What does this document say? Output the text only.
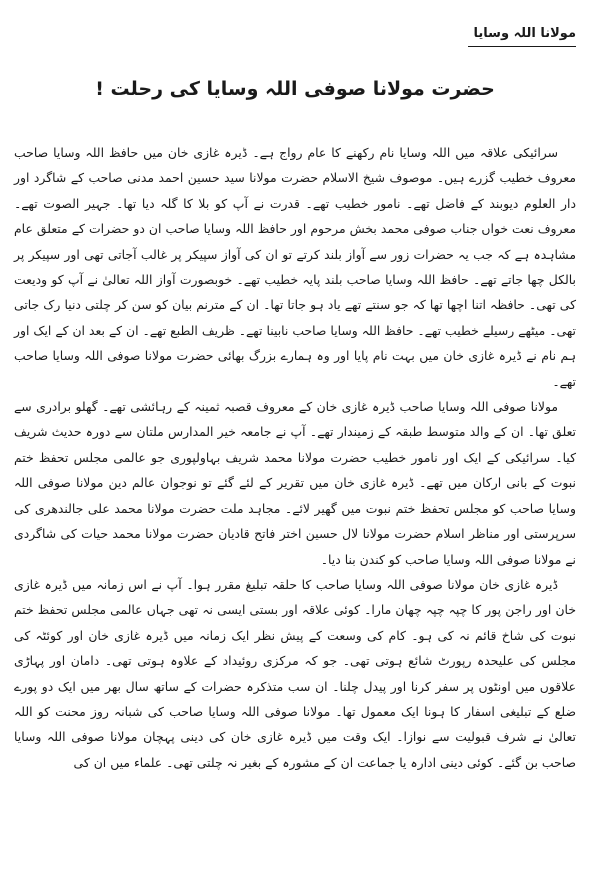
مولانا اللہ وسایا
حضرت مولانا صوفی اللہ وسایا کی رحلت !

سرائیکی علاقہ میں اللہ وسایا نام رکھنے کا عام رواج ہے۔ ڈیرہ غازی خان میں حافظ اللہ وسایا صاحب معروف خطیب گزرے ہیں۔ موصوف شیخ الاسلام حضرت مولانا سید حسین احمد مدنی صاحب کے شاگرد اور دار العلوم دیوبند کے فاضل تھے۔ نامور خطیب تھے۔ قدرت نے آپ کو بلا کا گلہ دیا تھا۔ جہیر الصوت تھے۔ معروف نعت خواں جناب صوفی محمد بخش مرحوم اور حافظ اللہ وسایا صاحب ان دو حضرات کے متعلق عام مشاہدہ ہے کہ جب یہ حضرات زور سے آواز بلند کرتے تو ان کی آواز سپیکر پر غالب آجاتی تھی اور سپیکر پر بالکل چھا جاتے تھے۔ حافظ اللہ وسایا صاحب بلند پایہ خطیب تھے۔ خوبصورت آواز اللہ تعالیٰ نے آپ کو ودیعت کی تھی۔ حافظہ اتنا اچھا تھا کہ جو سنتے تھے یاد ہو جاتا تھا۔ ان کے مترنم بیان کو سن کر چلتی دنیا رک جاتی تھی۔ میٹھے رسیلے خطیب تھے۔ حافظ اللہ وسایا صاحب نابینا تھے۔ ظریف الطبع تھے۔ ان کے بعد ان کے ایک اور ہم نام نے ڈیرہ غازی خان میں بہت نام پایا اور وہ ہمارے بزرگ بھائی حضرت مولانا صوفی اللہ وسایا صاحب تھے۔

مولانا صوفی اللہ وسایا صاحب ڈیرہ غازی خان کے معروف قصبہ ثمینہ کے رہائشی تھے۔ گھلو برادری سے تعلق تھا۔ ان کے والد متوسط طبقہ کے زمیندار تھے۔ آپ نے جامعہ خیر المدارس ملتان سے دورہ حدیث شریف کیا۔ سرائیکی کے ایک اور نامور خطیب حضرت مولانا محمد شریف بہاولپوری جو عالمی مجلس تحفظ ختم نبوت کے بانی ارکان میں تھے۔ ڈیرہ غازی خان میں تقریر کے لئے گئے تو نوجوان عالم دین مولانا صوفی اللہ وسایا صاحب کو مجلس تحفظ ختم نبوت میں گھیر لائے۔ مجاہد ملت حضرت مولانا محمد علی جالندھری کی سرپرستی اور مناظر اسلام حضرت مولانا لال حسین اختر فاتح قادیان حضرت مولانا محمد حیات کی شاگردی نے مولانا صوفی اللہ وسایا صاحب کو کندن بنا دیا۔

ڈیرہ غازی خان مولانا صوفی اللہ وسایا صاحب کا حلقہ تبلیغ مقرر ہوا۔ آپ نے اس زمانہ میں ڈیرہ غازی خان اور راجن پور کا چپہ چپہ چھان مارا۔ کوئی علاقہ اور بستی ایسی نہ تھی جہاں عالمی مجلس تحفظ ختم نبوت کی شاخ قائم نہ کی ہو۔ کام کی وسعت کے پیش نظر ایک زمانہ میں ڈیرہ غازی خان اور کوئٹہ کی مجلس کی علیحدہ رپورٹ شائع ہوتی تھی۔ جو کہ مرکزی روئیداد کے علاوہ ہوتی تھی۔ دامان اور پہاڑی علاقوں میں اونٹوں پر سفر کرنا اور پیدل چلنا۔ ان سب متذکرہ حضرات کے ساتھ سال بھر میں ایک دو پورے ضلع کے تبلیغی اسفار کا ہونا ایک معمول تھا۔ مولانا صوفی اللہ وسایا صاحب کی شبانہ روز محنت کو اللہ تعالیٰ نے شرف قبولیت سے نوازا۔ ایک وقت میں ڈیرہ غازی خان کی دینی پہچان مولانا صوفی اللہ وسایا صاحب بن گئے۔ کوئی دینی ادارہ یا جماعت ان کے مشورہ کے بغیر نہ چلتی تھی۔ علماء میں ان کی
